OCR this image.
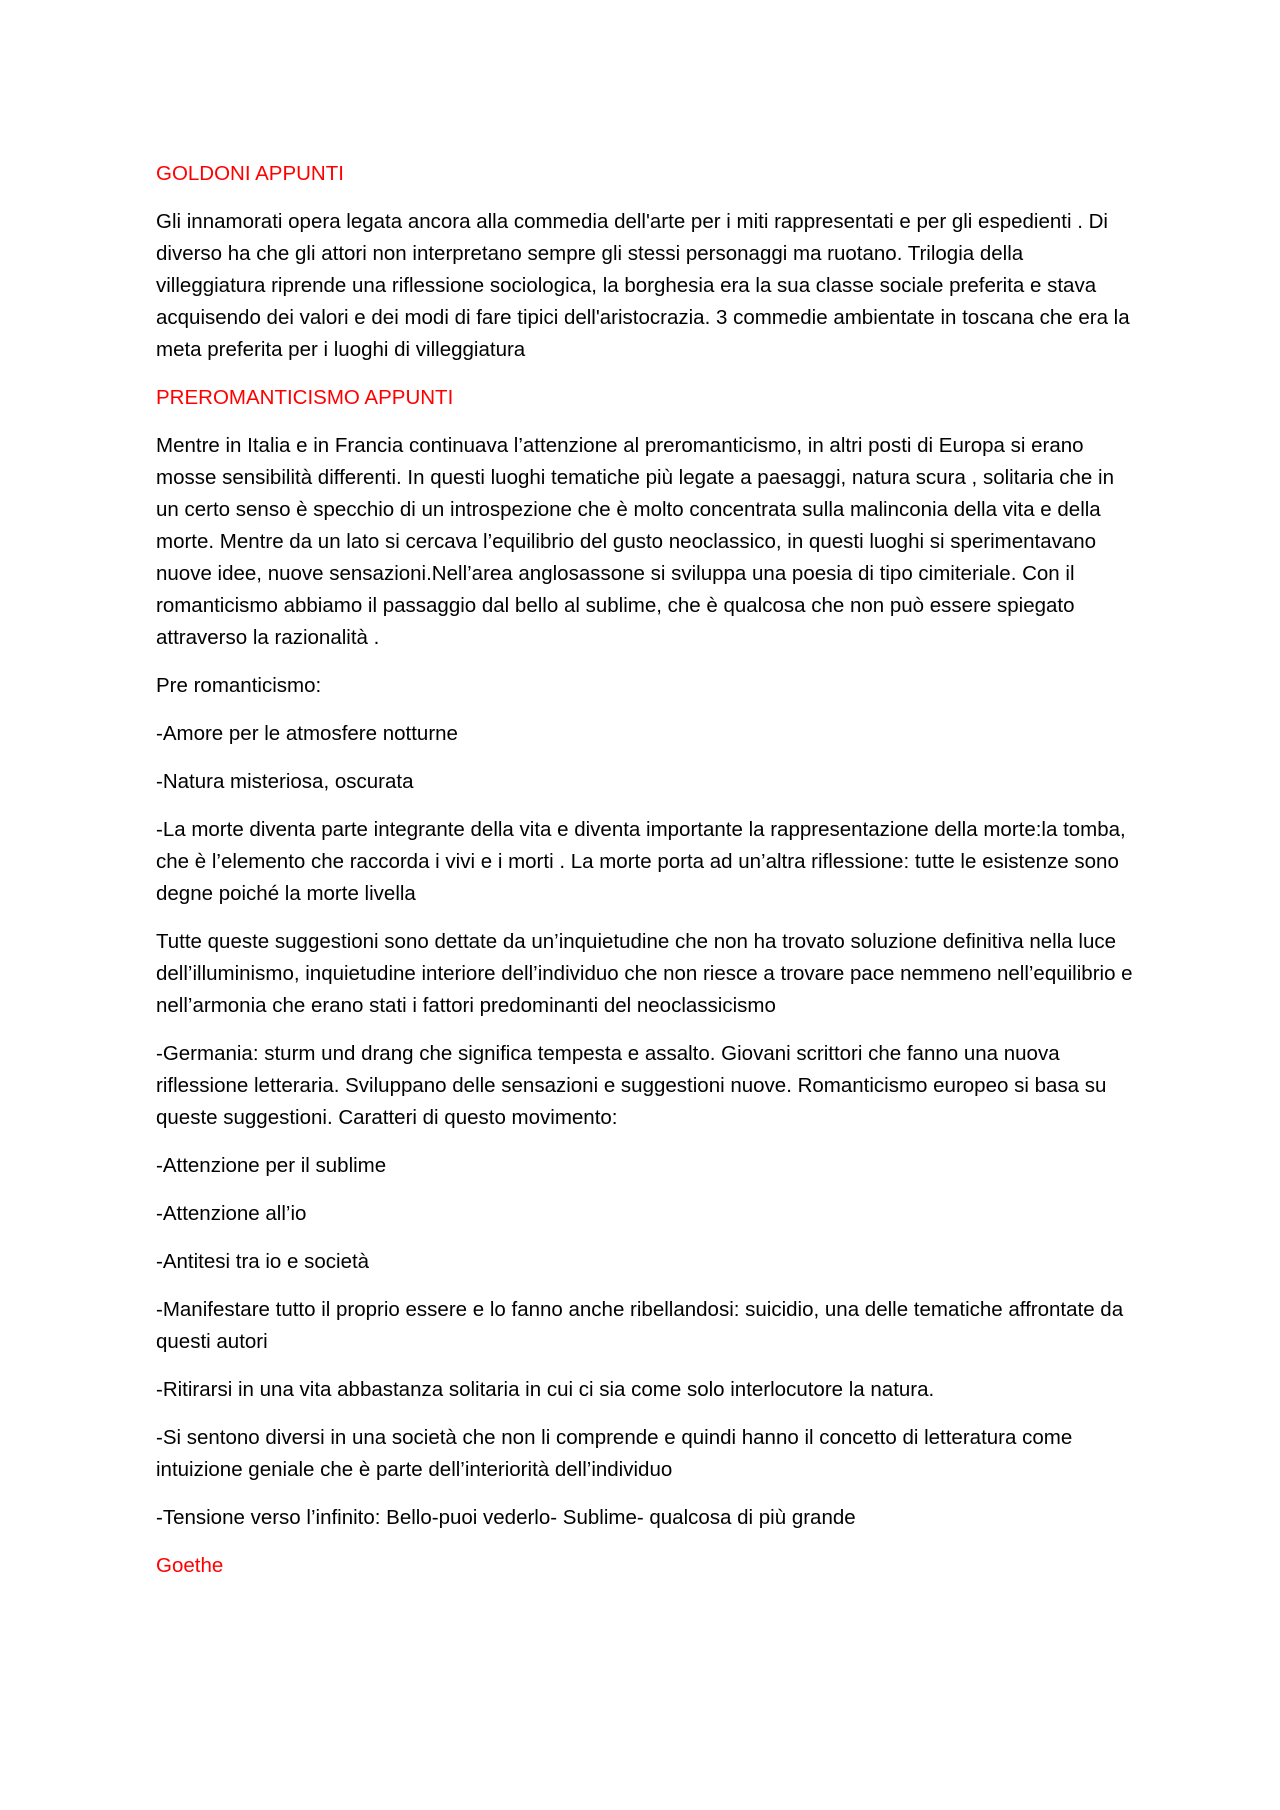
GOLDONI APPUNTI
Gli innamorati opera legata ancora alla commedia dell'arte per i miti rappresentati e per gli espedienti . Di diverso ha che gli attori non interpretano sempre gli stessi personaggi ma ruotano. Trilogia della villeggiatura riprende una riflessione sociologica, la borghesia era la sua classe sociale preferita e stava acquisendo dei valori e dei modi di fare tipici dell'aristocrazia. 3 commedie ambientate in toscana che era la meta preferita per i luoghi di villeggiatura
PREROMANTICISMO APPUNTI
Mentre in Italia e in Francia continuava l’attenzione al preromanticismo, in altri posti di Europa si erano mosse sensibilità differenti. In questi luoghi tematiche più legate a paesaggi, natura scura , solitaria che in un certo senso è specchio di un introspezione che è molto concentrata sulla malinconia della vita e della morte. Mentre da un lato si cercava l’equilibrio del gusto neoclassico, in questi luoghi si sperimentavano nuove idee, nuove sensazioni.Nell’area anglosassone si sviluppa una poesia di tipo cimiteriale. Con il romanticismo abbiamo il passaggio dal bello al sublime, che è qualcosa che non può essere spiegato attraverso la razionalità .
Pre romanticismo:
-Amore per le atmosfere notturne
-Natura misteriosa, oscurata
-La morte diventa parte integrante della vita e diventa importante la rappresentazione della morte:la tomba, che è l’elemento che raccorda i vivi e i morti . La morte porta ad un’altra riflessione: tutte le esistenze sono degne poiché la morte livella
Tutte queste suggestioni sono dettate da un’inquietudine che non ha trovato soluzione definitiva nella luce dell’illuminismo, inquietudine interiore dell’individuo che non riesce a trovare pace nemmeno nell’equilibrio e nell’armonia che erano stati i fattori predominanti del neoclassicismo
-Germania: sturm und drang che significa tempesta e assalto. Giovani scrittori che fanno una nuova riflessione letteraria. Sviluppano delle sensazioni e suggestioni nuove. Romanticismo europeo si basa su queste suggestioni. Caratteri di questo movimento:
-Attenzione per il sublime
-Attenzione all’io
-Antitesi tra io e società
-Manifestare tutto il proprio essere e lo fanno anche ribellandosi: suicidio, una delle tematiche affrontate da questi autori
-Ritirarsi in una vita abbastanza solitaria in cui ci sia come solo interlocutore la natura.
-Si sentono diversi in una società che non li comprende e quindi hanno il concetto di letteratura come intuizione geniale che è parte dell’interiorità dell’individuo
-Tensione verso l’infinito: Bello-puoi vederlo- Sublime- qualcosa di più grande
Goethe
